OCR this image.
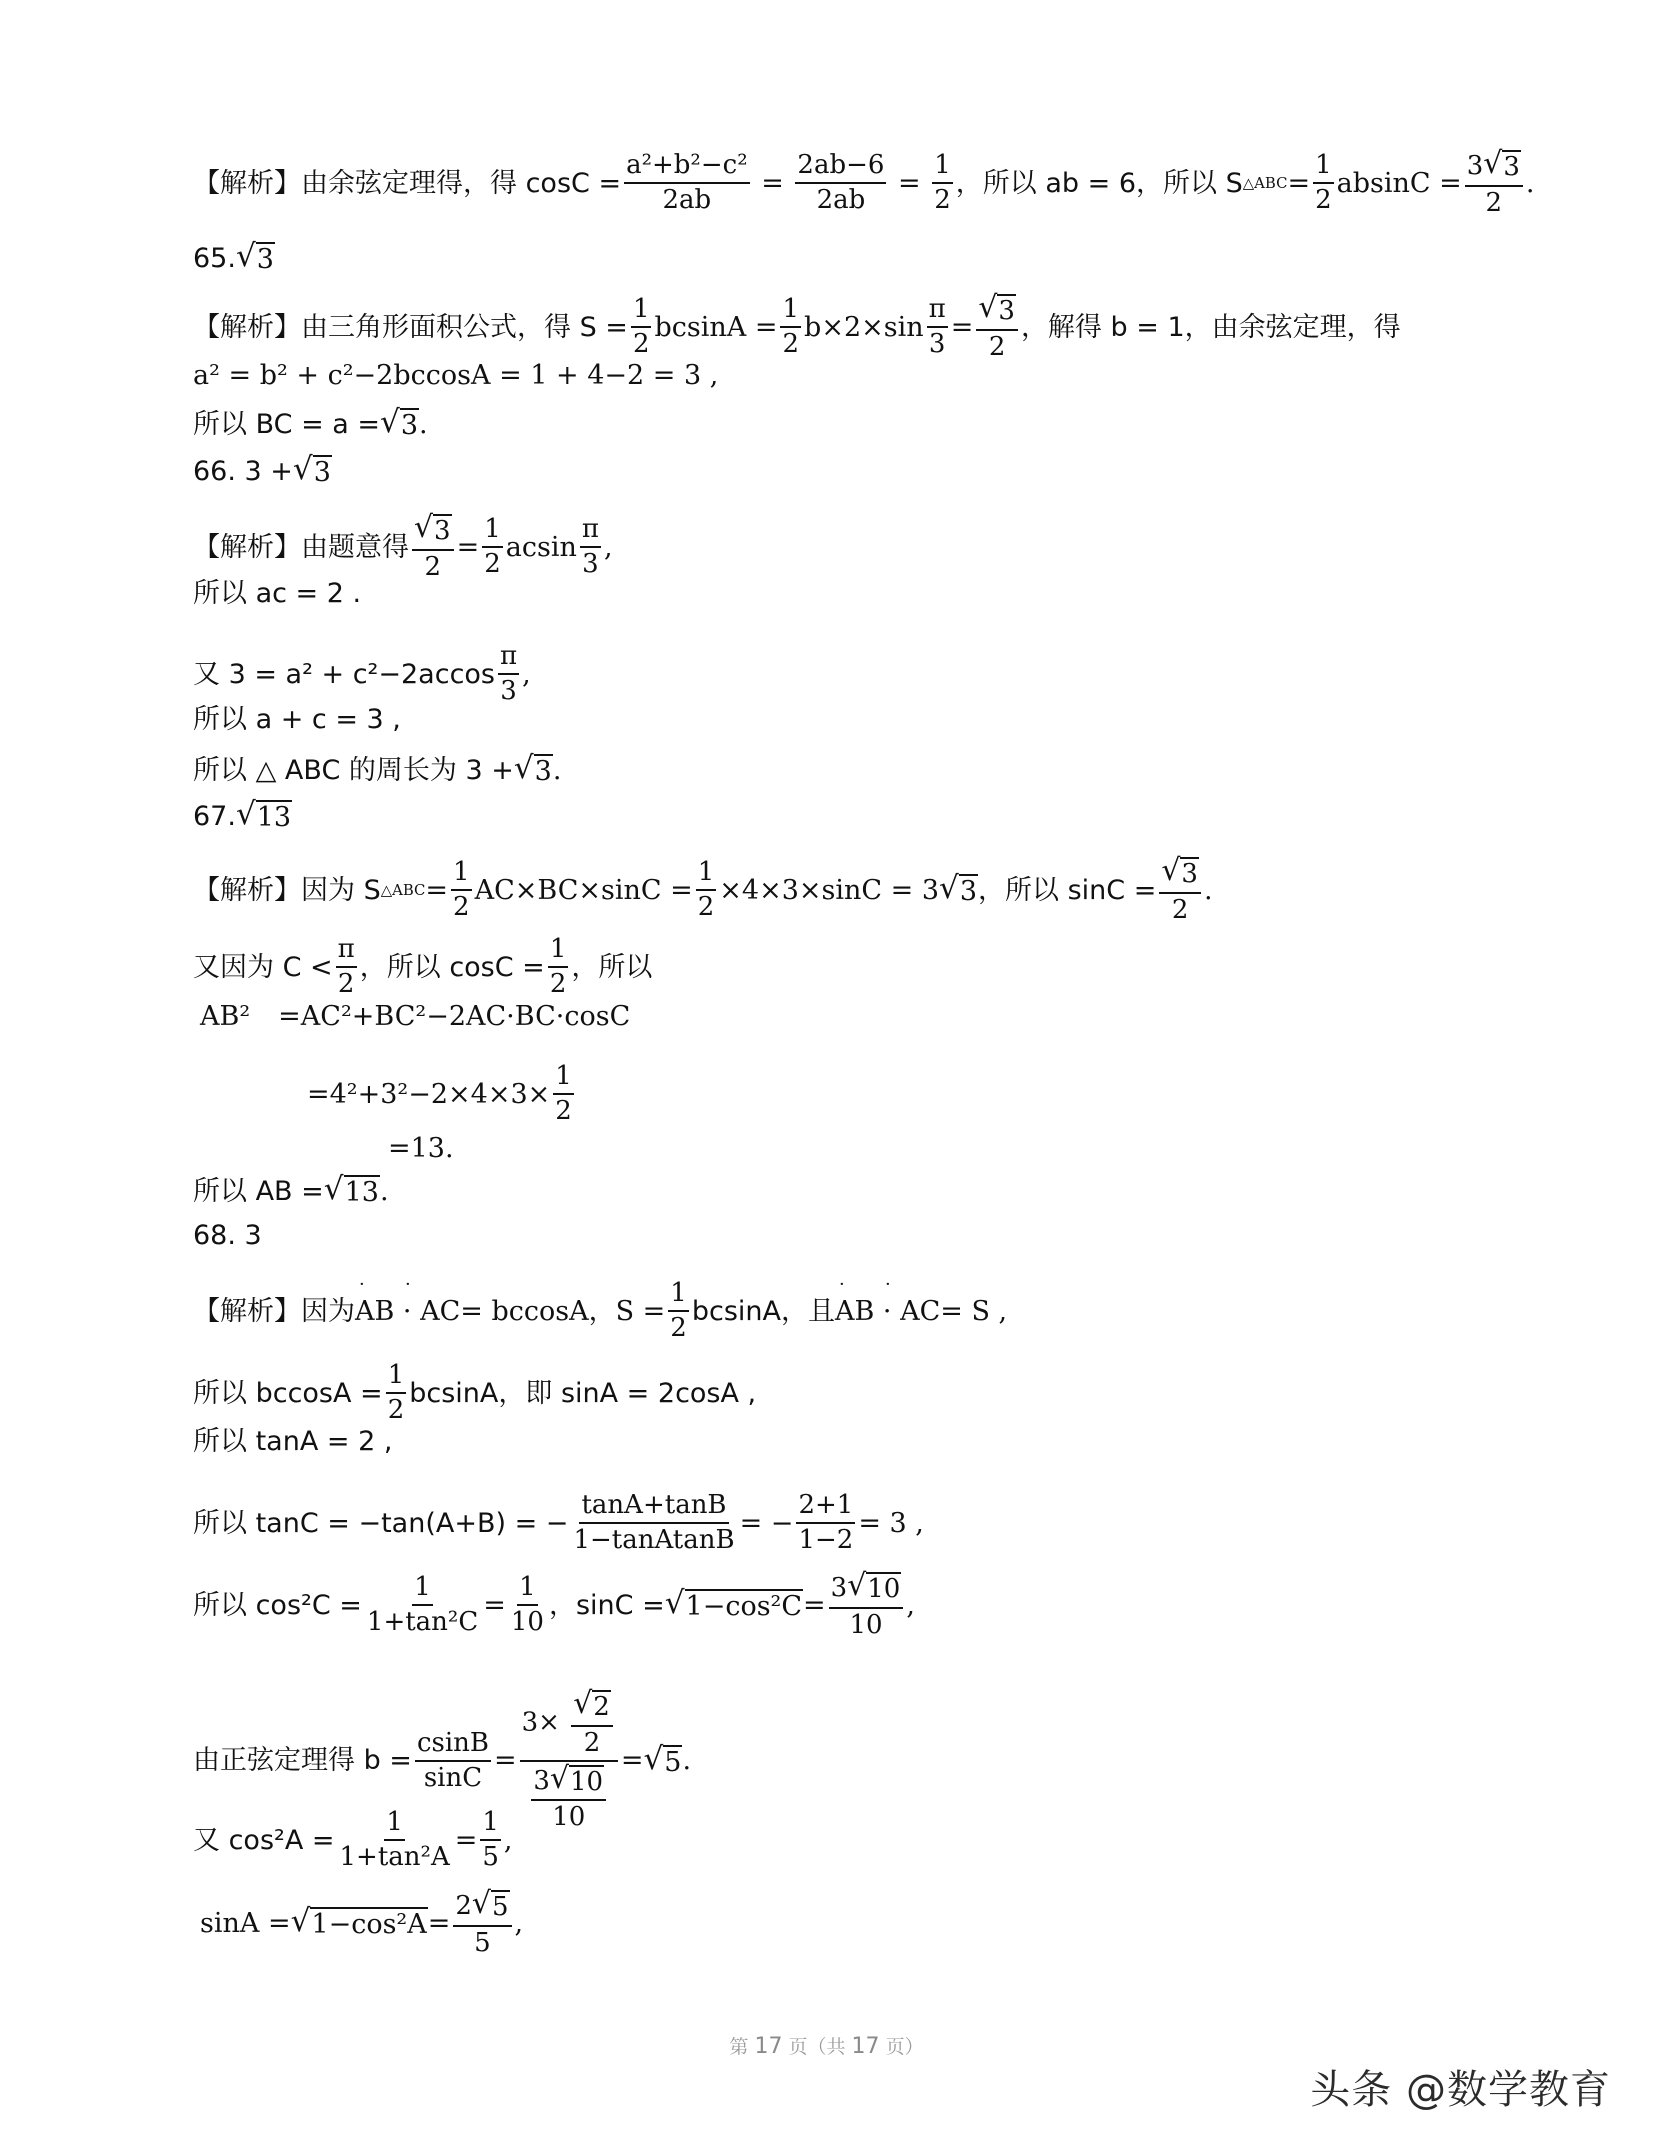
【解析】由余弦定理得，得 $\cos C = \frac{\text{a²+b²−c²}}{2ab} = \frac{2ab-6}{2ab} = \frac{1}{2}$ ，所以 ab = 6，所以 S △ABC = $\frac{1}{2}$ $absinC = \frac{3 √ 3}{2}$ .
65. √ 3
【解析】由三角形面积公式，得 $S = \frac{1}{2}$ $bcsinA = \frac{1}{2} b\times 2\times\sin \frac{\pi}{3} = \frac{√ 3}{2}$ ，解得 b = 1，由余弦定理，得
a² = b² + c²−2bccosA = 1 + 4−2 = 3 ,
所以 BC = a = √ 3 .
66. 3 + √ 3
【解析】由题意得 $\frac{√ 3}{2} = \frac{1}{2}$ acsin $\frac{\pi}{3}$ ,
所以 ac = 2 .
又 $3 = a^2 + c^2-2accos \frac{\pi}{3}$ ,
所以 a + c = 3 ,
所以 △ ABC 的周长为 3 + √ 3 .
67. √ 13
【解析】因为 S △ABC = $\frac{1}{2} AC\times BC\times\sin C = \frac{1}{2} \times 4\times 3\times\sin C = 3$ √ 3 ，所以 $\sin C = \frac{√ 3}{2}$ .
又因为 $C < \frac{\pi}{2}$ ，所以 $\cos C = \frac{1}{2}$ ，所以
AB² =AC²+BC²−2AC·BC·cosC
$=4^2+3^2-2\times 4\times 3\times \frac{1}{2}$
=13.
所以 AB = √ 13 .
68. 3
【解析】因为 · AB · AC · = bccosA，$S = \frac{1}{2}$ bcsinA，且 · AB · AC · = S ,
所以 $bccosA = \frac{1}{2}$ bcsinA，即 sinA = 2cosA ,
所以 tanA = 2 ,
所以 tanC = −tan(A+B) = − $\frac{\tan A+\tan B}{\text{1−tanAtanB}}$ = − $\frac{2+1}{1-2} = 3$ ,
所以 $\cos^2C = \frac{1}{\text{1+tan²C}} = \frac{1}{10}$ ，sinC = √ $1-\cos^2C = \frac{3 √ 10}{10}$ ,
由正弦定理得 $b = \frac{csinB}{\sin C} = \frac{3\times \frac{√ 2}{2}}{\frac{3 √ 10}{10}}$ = √ 5 .
又 $\cos^2A = \frac{1}{\text{1+tan²A}} = \frac{1}{5}$ ,
sinA = √ $1-\cos^2A = \frac{2 √ 5}{5}$ ,
第 17 页（共 17 页）
头条 @数学教育
